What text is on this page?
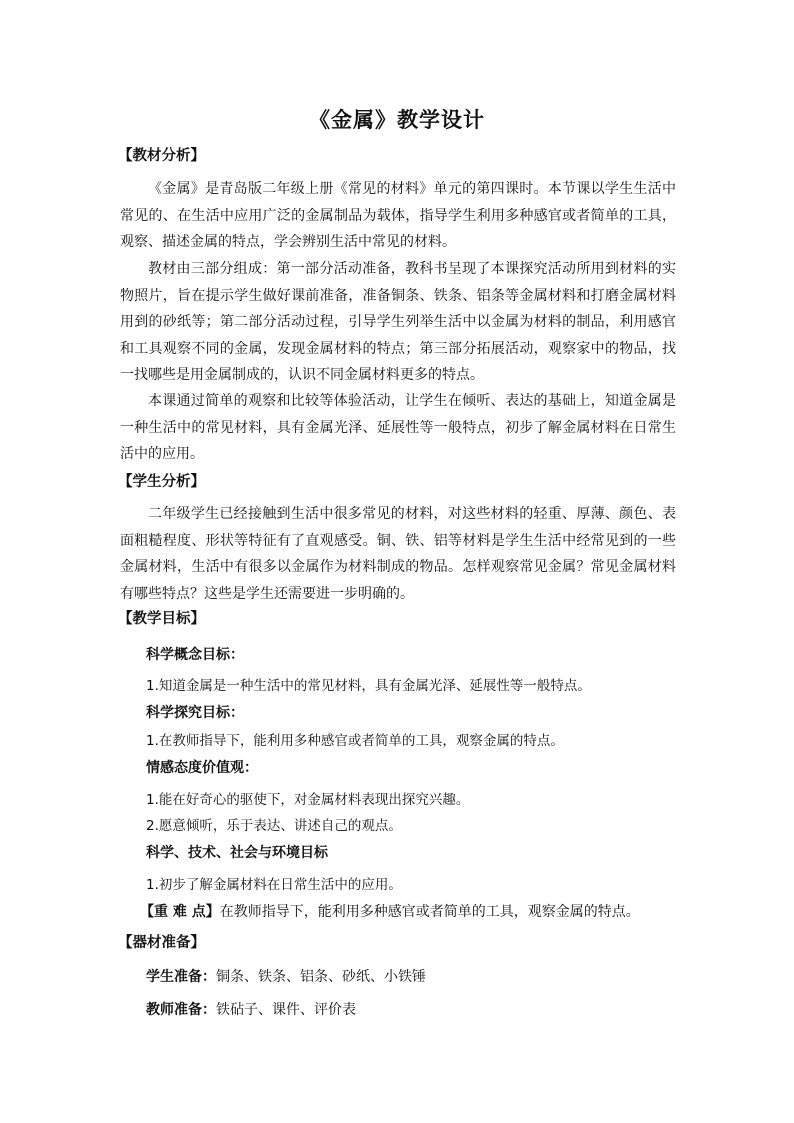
《金属》教学设计
【教材分析】
《金属》是青岛版二年级上册《常见的材料》单元的第四课时。本节课以学生生活中常见的、在生活中应用广泛的金属制品为载体，指导学生利用多种感官或者简单的工具，观察、描述金属的特点，学会辨别生活中常见的材料。
教材由三部分组成：第一部分活动准备，教科书呈现了本课探究活动所用到材料的实物照片，旨在提示学生做好课前准备，准备铜条、铁条、铝条等金属材料和打磨金属材料用到的砂纸等；第二部分活动过程，引导学生列举生活中以金属为材料的制品，利用感官和工具观察不同的金属，发现金属材料的特点；第三部分拓展活动，观察家中的物品，找一找哪些是用金属制成的，认识不同金属材料更多的特点。
本课通过简单的观察和比较等体验活动，让学生在倾听、表达的基础上，知道金属是一种生活中的常见材料，具有金属光泽、延展性等一般特点，初步了解金属材料在日常生活中的应用。
【学生分析】
二年级学生已经接触到生活中很多常见的材料，对这些材料的轻重、厚薄、颜色、表面粗糙程度、形状等特征有了直观感受。铜、铁、铝等材料是学生生活中经常见到的一些金属材料，生活中有很多以金属作为材料制成的物品。怎样观察常见金属？常见金属材料有哪些特点？这些是学生还需要进一步明确的。
【教学目标】
科学概念目标：
1.知道金属是一种生活中的常见材料，具有金属光泽、延展性等一般特点。
科学探究目标：
1.在教师指导下，能利用多种感官或者简单的工具，观察金属的特点。
情感态度价值观：
1.能在好奇心的驱使下，对金属材料表现出探究兴趣。
2.愿意倾听，乐于表达、讲述自己的观点。
科学、技术、社会与环境目标
1.初步了解金属材料在日常生活中的应用。
【重 难 点】在教师指导下，能利用多种感官或者简单的工具，观察金属的特点。
【器材准备】
学生准备：铜条、铁条、铝条、砂纸、小铁锤
教师准备：铁砧子、课件、评价表
